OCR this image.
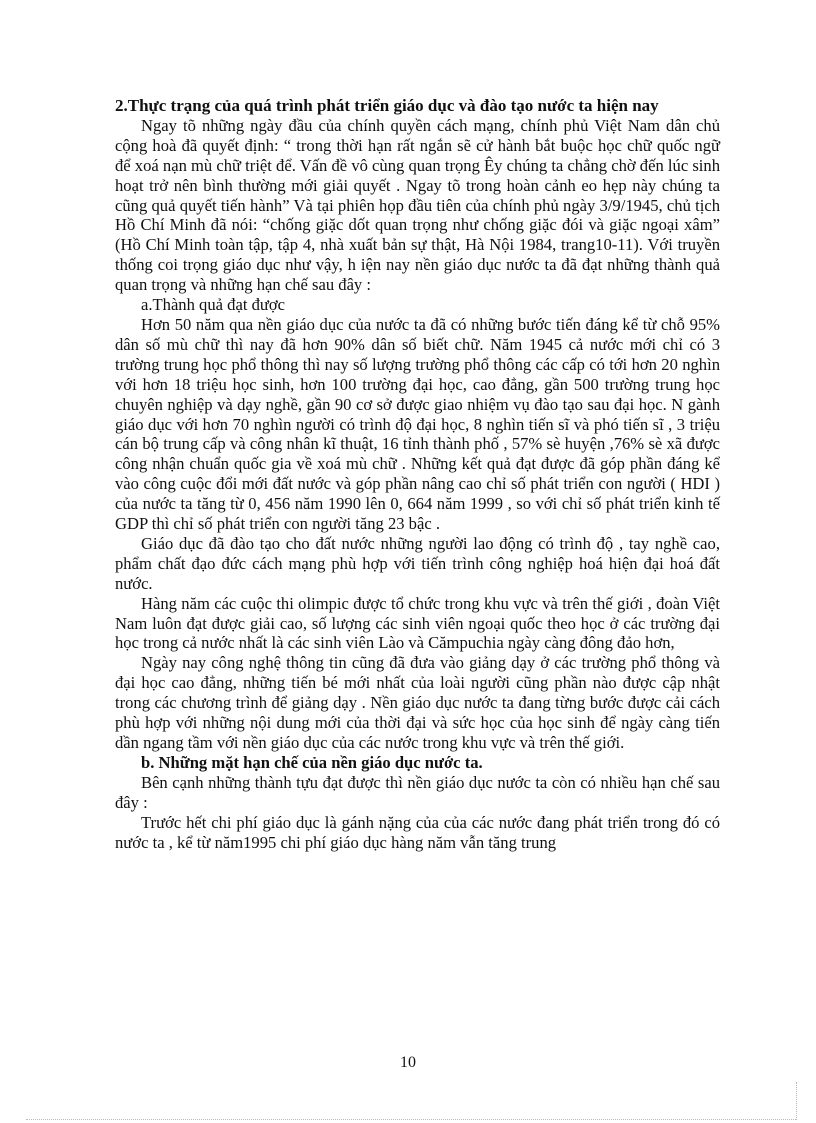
2.Thực trạng của quá trình phát triển giáo dục và đào tạo nước ta hiện nay

Ngay tõ những ngày đầu của chính quyền cách mạng, chính phủ Việt Nam dân chủ cộng hoà đã quyết định: “ trong thời hạn rất ngắn sẽ cử hành bắt buộc học chữ quốc ngữ để xoá nạn mù chữ triệt để. Vấn đề vô cùng quan trọng Êy chúng ta chẳng chờ đến lúc sinh hoạt trở nên bình thường mới giải quyết . Ngay tõ trong hoàn cảnh eo hẹp này chúng ta cũng quả quyết tiến hành” Và tại phiên họp đầu tiên của chính phủ ngày 3/9/1945, chủ tịch Hồ Chí Minh đã nói: “chống giặc dốt quan trọng như chống giặc đói và giặc ngoại xâm” (Hồ Chí Minh toàn tập, tập 4, nhà xuất bản sự thật, Hà Nội 1984, trang10-11). Với truyền thống coi trọng giáo dục như vậy, h iện nay nền giáo dục nước ta đã đạt những thành quả quan trọng và những hạn chế sau đây :

a.Thành quả đạt được

Hơn 50 năm qua nền giáo dục của nước ta đã có những bước tiến đáng kể từ chỗ 95% dân số mù chữ thì nay đã hơn 90% dân số biết chữ. Năm 1945 cả nước mới chỉ có 3 trường trung học phổ thông thì nay số lượng trường phổ thông các cấp có tới hơn 20 nghìn với hơn 18 triệu học sinh, hơn 100 trường đại học, cao đẳng, gần 500 trường trung học chuyên nghiệp và dạy nghề, gần 90 cơ sở được giao nhiệm vụ đào tạo sau đại học. N gành giáo dục với hơn 70 nghìn người có trình độ đại học, 8 nghìn tiến sĩ và phó tiến sĩ , 3 triệu cán bộ trung cấp và công nhân kĩ thuật, 16 tỉnh thành phố , 57% sè huyện ,76% sè xã được công nhận chuẩn quốc gia về xoá mù chữ . Những kết quả đạt được đã góp phần đáng kể vào công cuộc đổi mới đất nước và góp phần nâng cao chỉ số phát triển con người ( HDI ) của nước ta tăng từ 0, 456 năm 1990 lên 0, 664 năm 1999 , so với chỉ số phát triển kinh tế GDP thì chỉ số phát triển con người tăng 23 bậc .

Giáo dục đã đào tạo cho đất nước những người lao động có trình độ , tay nghề cao, phẩm chất đạo đức cách mạng phù hợp với tiến trình công nghiệp hoá hiện đại hoá đất nước.

Hàng năm các cuộc thi olimpic được tổ chức trong khu vực và trên thế giới , đoàn Việt Nam luôn đạt được giải cao, số lượng các sinh viên ngoại quốc theo học ở các trường đại học trong cả nước nhất là các sinh viên Lào và Cămpuchia ngày càng đông đảo hơn,

Ngày nay công nghệ thông tin cũng đã đưa vào giảng dạy ở các trường phổ thông và đại học cao đẳng, những tiến bé mới nhất của loài người cũng phần nào được cập nhật trong các chương trình để giảng dạy . Nền giáo dục nước ta đang từng bước được cải cách phù hợp với những nội dung mới của thời đại và sức học của học sinh để ngày càng tiến dần ngang tầm với nền giáo dục của các nước trong khu vực và trên thế giới.

b. Những mặt hạn chế của nền giáo dục nước ta.

Bên cạnh những thành tựu đạt được thì nền giáo dục nước ta còn có nhiều hạn chế sau đây :

Trước hết chi phí giáo dục là gánh nặng của của các nước đang phát triển trong đó có nước ta , kể từ năm1995 chi phí giáo dục hàng năm vẫn tăng trung

10
